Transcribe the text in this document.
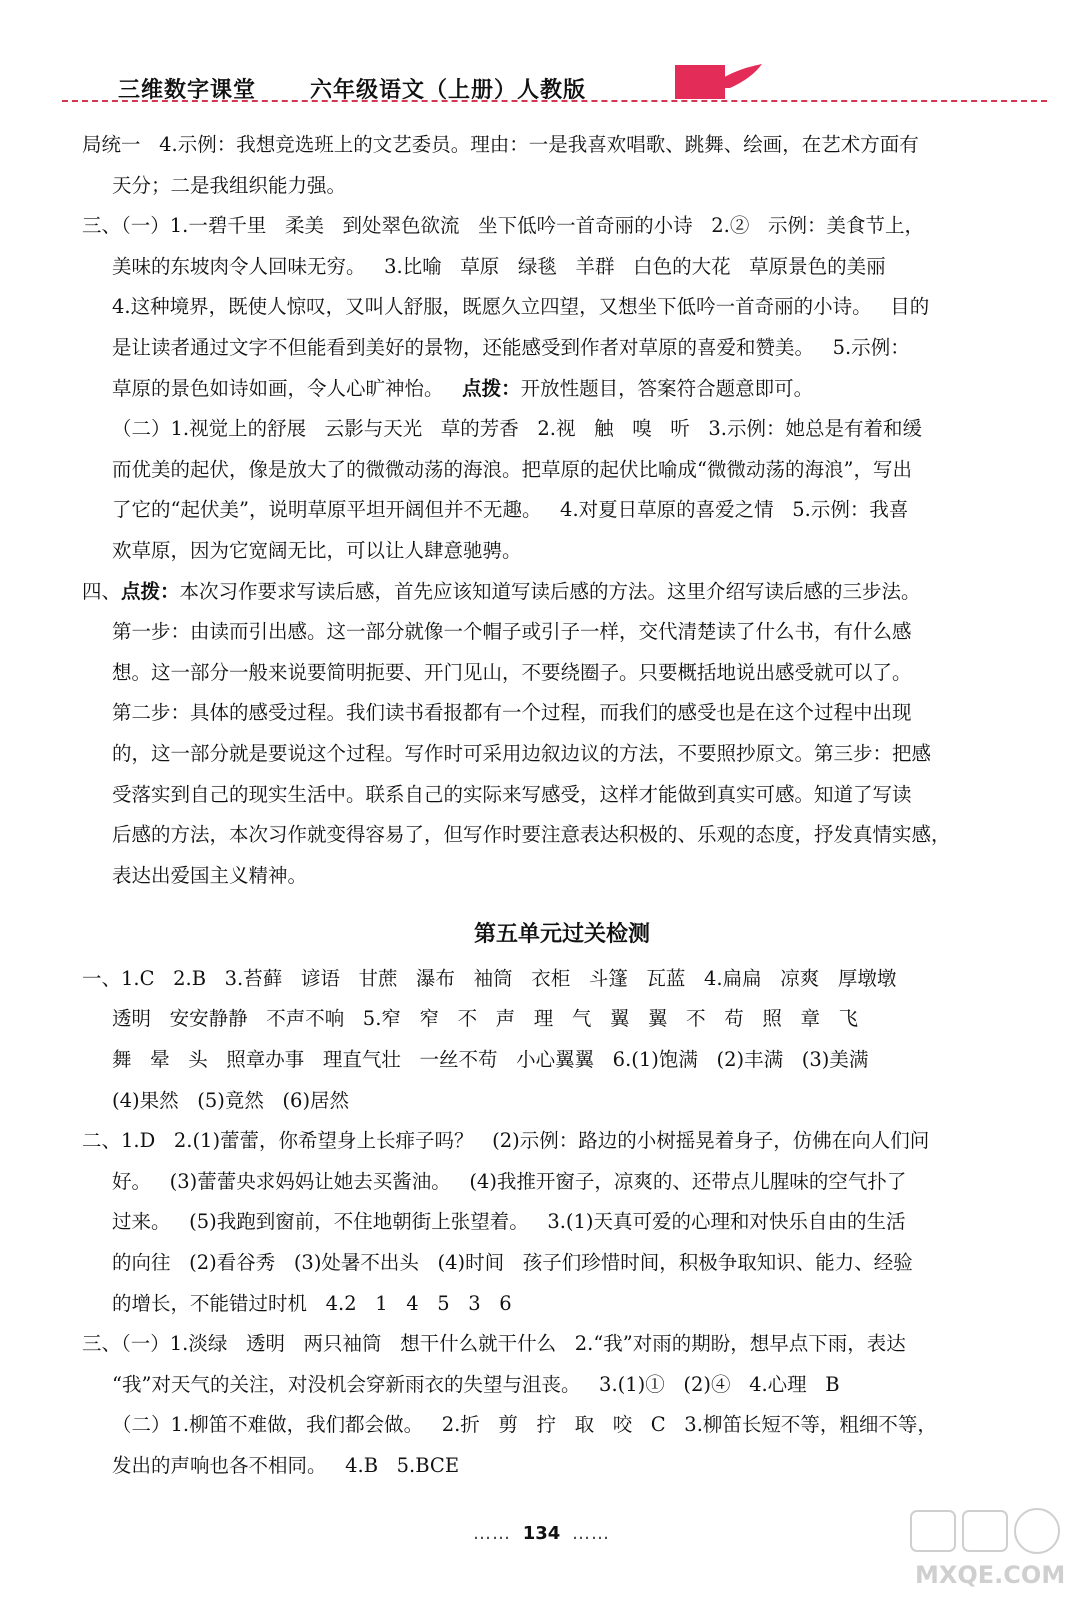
三维数字课堂 六年级语文（上册）人教版

局统一   4.示例：我想竞选班上的文艺委员。理由：一是我喜欢唱歌、跳舞、绘画，在艺术方面有

天分；二是我组织能力强。

三、（一）1.一碧千里   柔美   到处翠色欲流   坐下低吟一首奇丽的小诗   2.②   示例：美食节上，

美味的东坡肉令人回味无穷。   3.比喻   草原   绿毯   羊群   白色的大花   草原景色的美丽

4.这种境界，既使人惊叹，又叫人舒服，既愿久立四望，又想坐下低吟一首奇丽的小诗。   目的

是让读者通过文字不但能看到美好的景物，还能感受到作者对草原的喜爱和赞美。   5.示例：

草原的景色如诗如画，令人心旷神怡。 点拨：开放性题目，答案符合题意即可。

（二）1.视觉上的舒展   云影与天光   草的芳香   2.视   触   嗅   听   3.示例：她总是有着和缓

而优美的起伏，像是放大了的微微动荡的海浪。把草原的起伏比喻成“微微动荡的海浪”，写出

了它的“起伏美”，说明草原平坦开阔但并不无趣。   4.对夏日草原的喜爱之情   5.示例：我喜

欢草原，因为它宽阔无比，可以让人肆意驰骋。

四、点拨：本次习作要求写读后感，首先应该知道写读后感的方法。这里介绍写读后感的三步法。

第一步：由读而引出感。这一部分就像一个帽子或引子一样，交代清楚读了什么书，有什么感

想。这一部分一般来说要简明扼要、开门见山，不要绕圈子。只要概括地说出感受就可以了。

第二步：具体的感受过程。我们读书看报都有一个过程，而我们的感受也是在这个过程中出现

的，这一部分就是要说这个过程。写作时可采用边叙边议的方法，不要照抄原文。第三步：把感

受落实到自己的现实生活中。联系自己的实际来写感受，这样才能做到真实可感。知道了写读

后感的方法，本次习作就变得容易了，但写作时要注意表达积极的、乐观的态度，抒发真情实感，

表达出爱国主义精神。

第五单元过关检测

一、1.C   2.B   3.苔藓   谚语   甘蔗   瀑布   袖筒   衣柜   斗篷   瓦蓝   4.扁扁   凉爽   厚墩墩

透明   安安静静   不声不响   5.窄   窄   不   声   理   气   翼   翼   不   苟   照   章   飞

舞   晕   头   照章办事   理直气壮   一丝不苟   小心翼翼   6.(1)饱满   (2)丰满   (3)美满

(4)果然   (5)竟然   (6)居然

二、1.D   2.(1)蕾蕾，你希望身上长痱子吗？   (2)示例：路边的小树摇晃着身子，仿佛在向人们问

好。   (3)蕾蕾央求妈妈让她去买酱油。   (4)我推开窗子，凉爽的、还带点儿腥味的空气扑了

过来。   (5)我跑到窗前，不住地朝街上张望着。   3.(1)天真可爱的心理和对快乐自由的生活

的向往   (2)看谷秀   (3)处暑不出头   (4)时间   孩子们珍惜时间，积极争取知识、能力、经验

的增长，不能错过时机   4.2   1   4   5   3   6

三、（一）1.淡绿   透明   两只袖筒   想干什么就干什么   2.“我”对雨的期盼，想早点下雨，表达

“我”对天气的关注，对没机会穿新雨衣的失望与沮丧。   3.(1)①   (2)④   4.心理   B

（二）1.柳笛不难做，我们都会做。   2.折   剪   拧   取   咬   C   3.柳笛长短不等，粗细不等，

发出的声响也各不相同。   4.B   5.BCE

…… 134 ……
MXQE.COM
